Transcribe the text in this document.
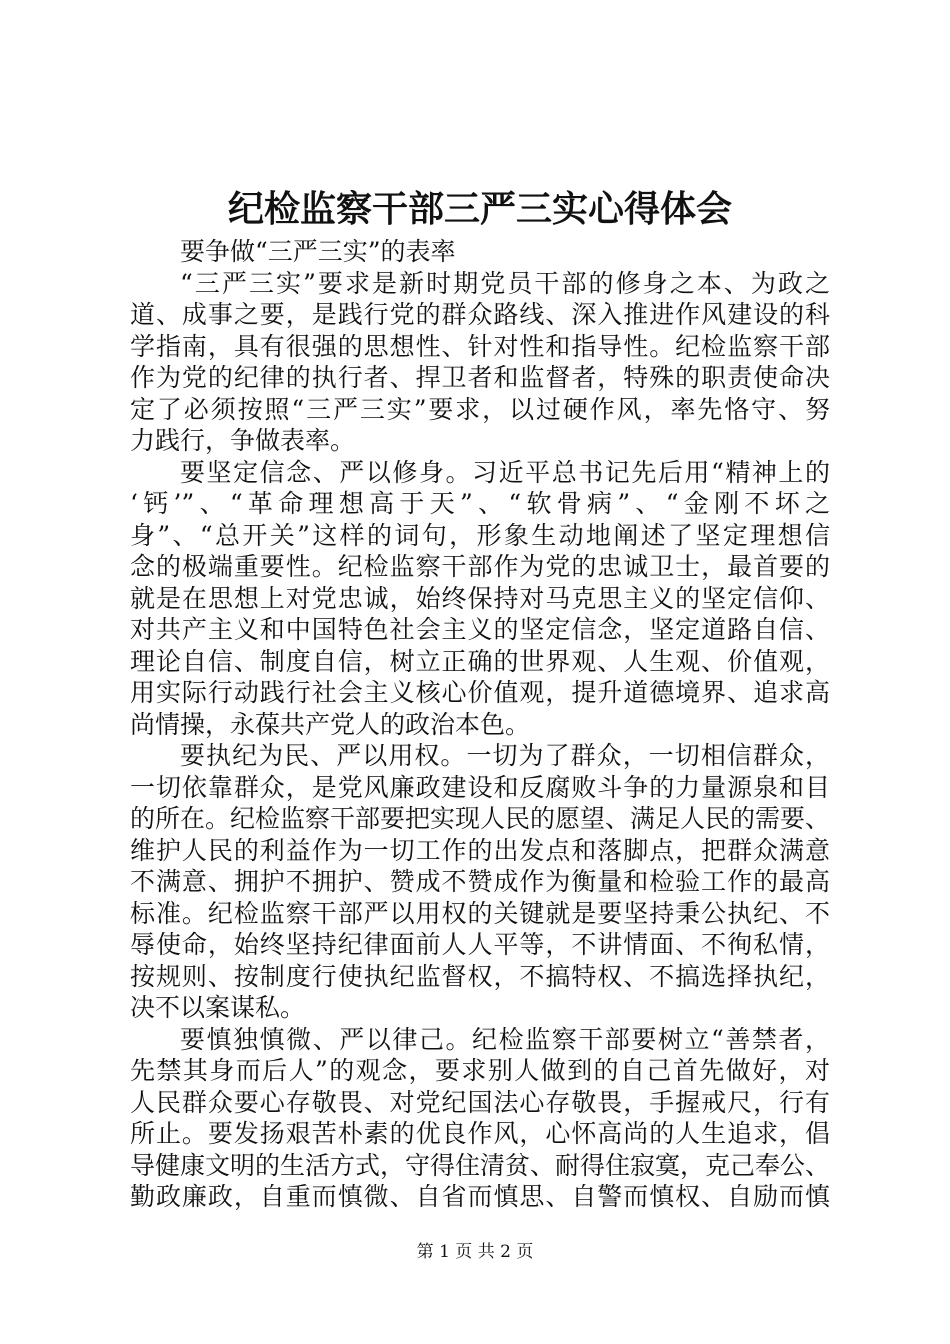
纪检监察干部三严三实心得体会
要争做“三严三实”的表率
“三严三实”要求是新时期党员干部的修身之本、为政之
道、成事之要，是践行党的群众路线、深入推进作风建设的科
学指南，具有很强的思想性、针对性和指导性。纪检监察干部
作为党的纪律的执行者、捍卫者和监督者，特殊的职责使命决
定了必须按照“三严三实”要求，以过硬作风，率先恪守、努
力践行，争做表率。
要坚定信念、严以修身。习近平总书记先后用“精神上的
‘钙’”、“革命理想高于天”、“软骨病”、“金刚不坏之
身”、“总开关”这样的词句，形象生动地阐述了坚定理想信
念的极端重要性。纪检监察干部作为党的忠诚卫士，最首要的
就是在思想上对党忠诚，始终保持对马克思主义的坚定信仰、
对共产主义和中国特色社会主义的坚定信念，坚定道路自信、
理论自信、制度自信，树立正确的世界观、人生观、价值观，
用实际行动践行社会主义核心价值观，提升道德境界、追求高
尚情操，永葆共产党人的政治本色。
要执纪为民、严以用权。一切为了群众，一切相信群众，
一切依靠群众，是党风廉政建设和反腐败斗争的力量源泉和目
的所在。纪检监察干部要把实现人民的愿望、满足人民的需要、
维护人民的利益作为一切工作的出发点和落脚点，把群众满意
不满意、拥护不拥护、赞成不赞成作为衡量和检验工作的最高
标准。纪检监察干部严以用权的关键就是要坚持秉公执纪、不
辱使命，始终坚持纪律面前人人平等，不讲情面、不徇私情，
按规则、按制度行使执纪监督权，不搞特权、不搞选择执纪，
决不以案谋私。
要慎独慎微、严以律己。纪检监察干部要树立“善禁者，
先禁其身而后人”的观念，要求别人做到的自己首先做好，对
人民群众要心存敬畏、对党纪国法心存敬畏，手握戒尺，行有
所止。要发扬艰苦朴素的优良作风，心怀高尚的人生追求，倡
导健康文明的生活方式，守得住清贫、耐得住寂寞，克己奉公、
勤政廉政，自重而慎微、自省而慎思、自警而慎权、自励而慎
第 1 页 共 2 页
